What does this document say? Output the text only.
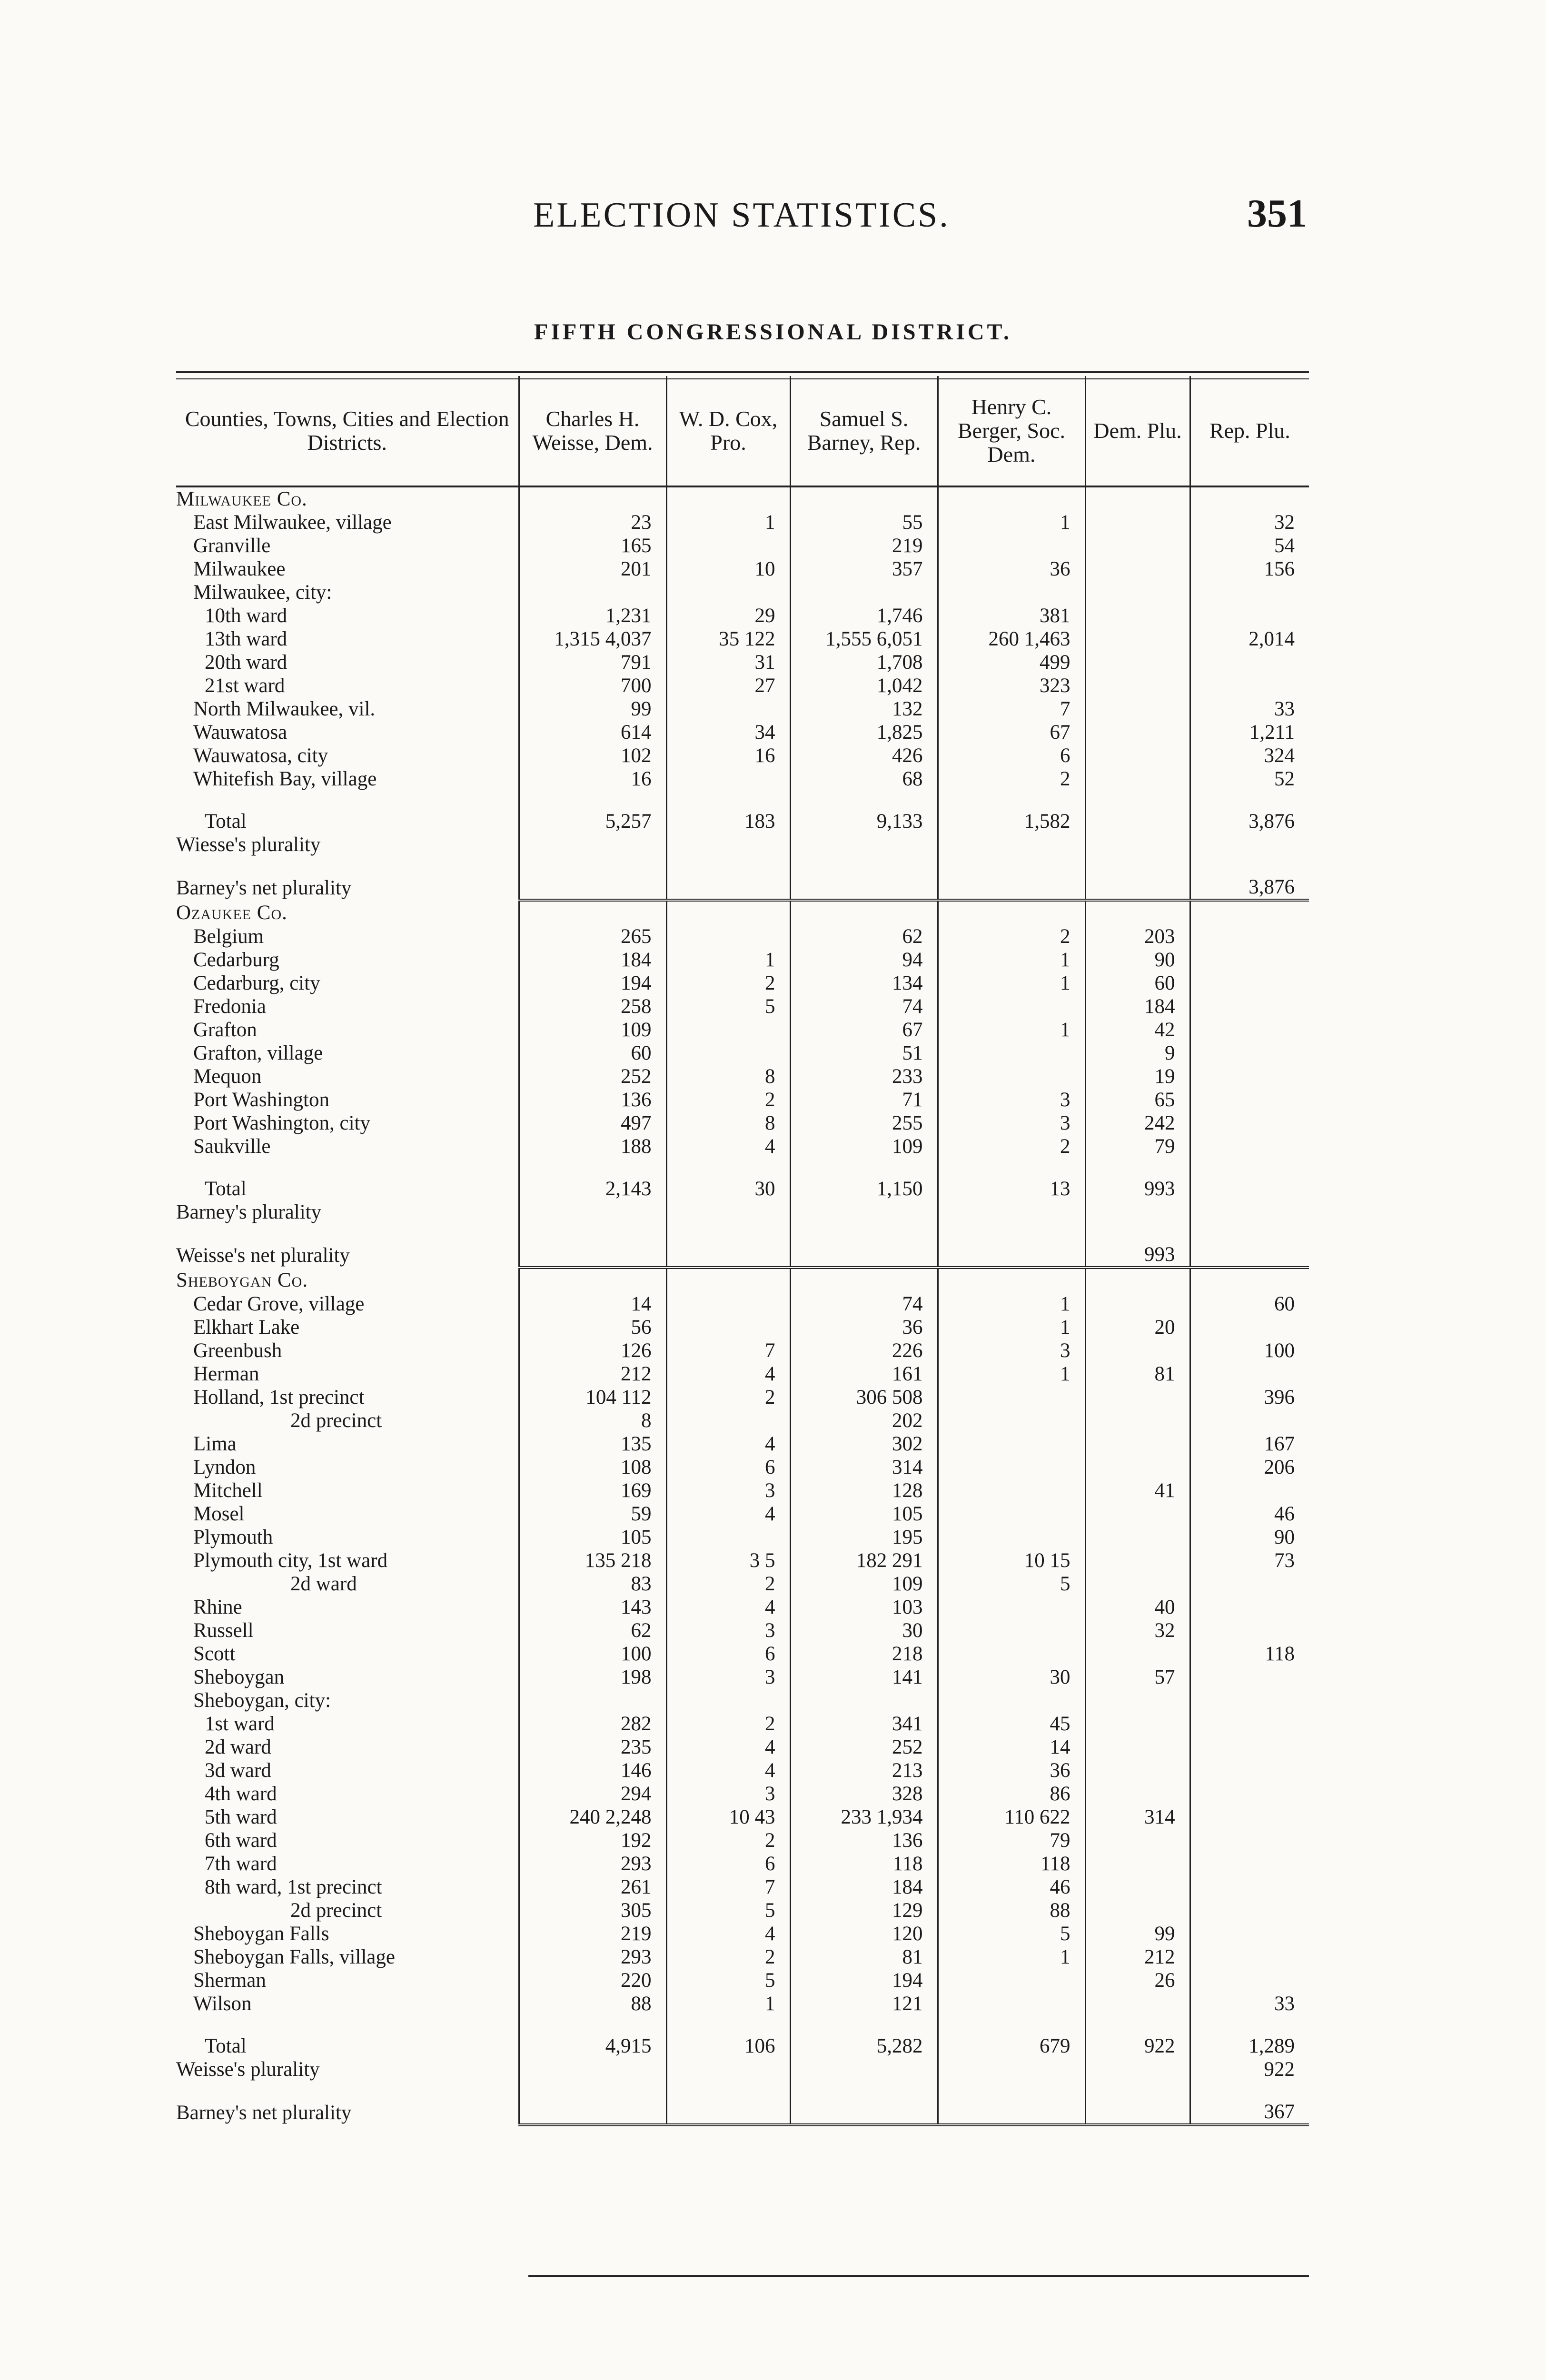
ELECTION STATISTICS.	351
FIFTH CONGRESSIONAL DISTRICT.
Counties, Towns, Cities and Election Districts.	Charles H. Weisse, Dem.	W. D. Cox, Pro.	Samuel S. Barney, Rep.	Henry C. Berger, Soc. Dem.	Dem. Plu.	Rep. Plu.
Milwaukee Co.						
East Milwaukee, village	23	1	55	1		32
Granville	165		219			54
Milwaukee	201	10	357	36		156
Milwaukee, city:						
10th ward	1,231	29	1,746	381		
13th ward	1,315 4,037	35 122	1,555 6,051	260 1,463		2,014
20th ward	791	31	1,708	499		
21st ward	700	27	1,042	323		
North Milwaukee, vil.	99		132	7		33
Wauwatosa	614	34	1,825	67		1,211
Wauwatosa, city	102	16	426	6		324
Whitefish Bay, village	16		68	2		52

Total	5,257	183	9,133	1,582		3,876
Wiesse's plurality						

Barney's net plurality						3,876
Ozaukee Co.						
Belgium	265		62	2	203	
Cedarburg	184	1	94	1	90	
Cedarburg, city	194	2	134	1	60	
Fredonia	258	5	74		184	
Grafton	109		67	1	42	
Grafton, village	60		51		9	
Mequon	252	8	233		19	
Port Washington	136	2	71	3	65	
Port Washington, city	497	8	255	3	242	
Saukville	188	4	109	2	79	

Total	2,143	30	1,150	13	993	
Barney's plurality						

Weisse's net plurality					993	
Sheboygan Co.						
Cedar Grove, village	14		74	1		60
Elkhart Lake	56		36	1	20	
Greenbush	126	7	226	3		100
Herman	212	4	161	1	81	
Holland, 1st precinct	104 112	2	306 508			396
2d precinct	8		202			
Lima	135	4	302			167
Lyndon	108	6	314			206
Mitchell	169	3	128		41	
Mosel	59	4	105			46
Plymouth	105		195			90
Plymouth city, 1st ward	135 218	3 5	182 291	10 15		73
2d ward	83	2	109	5		
Rhine	143	4	103		40	
Russell	62	3	30		32	
Scott	100	6	218			118
Sheboygan	198	3	141	30	57	
Sheboygan, city:						
1st ward	282	2	341	45		
2d ward	235	4	252	14		
3d ward	146	4	213	36		
4th ward	294	3	328	86		
5th ward	240 2,248	10 43	233 1,934	110 622	314	
6th ward	192	2	136	79		
7th ward	293	6	118	118		
8th ward, 1st precinct	261	7	184	46		
2d precinct	305	5	129	88		
Sheboygan Falls	219	4	120	5	99	
Sheboygan Falls, village	293	2	81	1	212	
Sherman	220	5	194		26	
Wilson	88	1	121			33

Total	4,915	106	5,282	679	922	1,289
Weisse's plurality						922

Barney's net plurality						367
